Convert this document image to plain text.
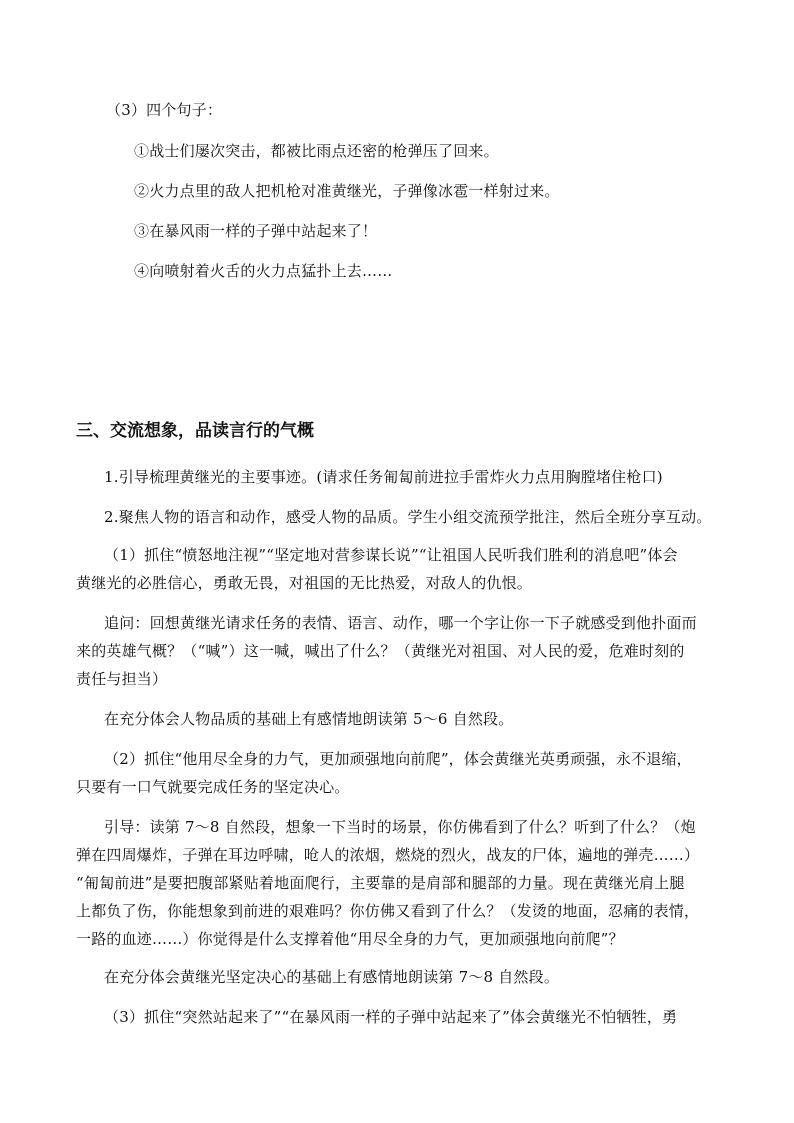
（3）四个句子：
①战士们屡次突击，都被比雨点还密的枪弹压了回来。
②火力点里的敌人把机枪对准黄继光，子弹像冰雹一样射过来。
③在暴风雨一样的子弹中站起来了！
④向喷射着火舌的火力点猛扑上去……
三、交流想象，品读言行的气概
1.引导梳理黄继光的主要事迹。(请求任务匍匐前进拉手雷炸火力点用胸膛堵住枪口)
2.聚焦人物的语言和动作，感受人物的品质。学生小组交流预学批注，然后全班分享互动。
（1）抓住“愤怒地注视”“坚定地对营参谋长说”“让祖国人民听我们胜利的消息吧”体会
黄继光的必胜信心，勇敢无畏，对祖国的无比热爱，对敌人的仇恨。
追问：回想黄继光请求任务的表情、语言、动作，哪一个字让你一下子就感受到他扑面而
来的英雄气概？（“喊”）这一喊，喊出了什么？（黄继光对祖国、对人民的爱，危难时刻的
责任与担当）
在充分体会人物品质的基础上有感情地朗读第 5～6 自然段。
（2）抓住“他用尽全身的力气，更加顽强地向前爬”，体会黄继光英勇顽强，永不退缩，
只要有一口气就要完成任务的坚定决心。
引导：读第 7～8 自然段，想象一下当时的场景，你仿佛看到了什么？听到了什么？（炮
弹在四周爆炸，子弹在耳边呼啸，呛人的浓烟，燃烧的烈火，战友的尸体，遍地的弹壳……）
“匍匐前进”是要把腹部紧贴着地面爬行，主要靠的是肩部和腿部的力量。现在黄继光肩上腿
上都负了伤，你能想象到前进的艰难吗？你仿佛又看到了什么？（发烫的地面，忍痛的表情，
一路的血迹……）你觉得是什么支撑着他“用尽全身的力气，更加顽强地向前爬”？
在充分体会黄继光坚定决心的基础上有感情地朗读第 7～8 自然段。
（3）抓住“突然站起来了”“在暴风雨一样的子弹中站起来了”体会黄继光不怕牺牲，勇
